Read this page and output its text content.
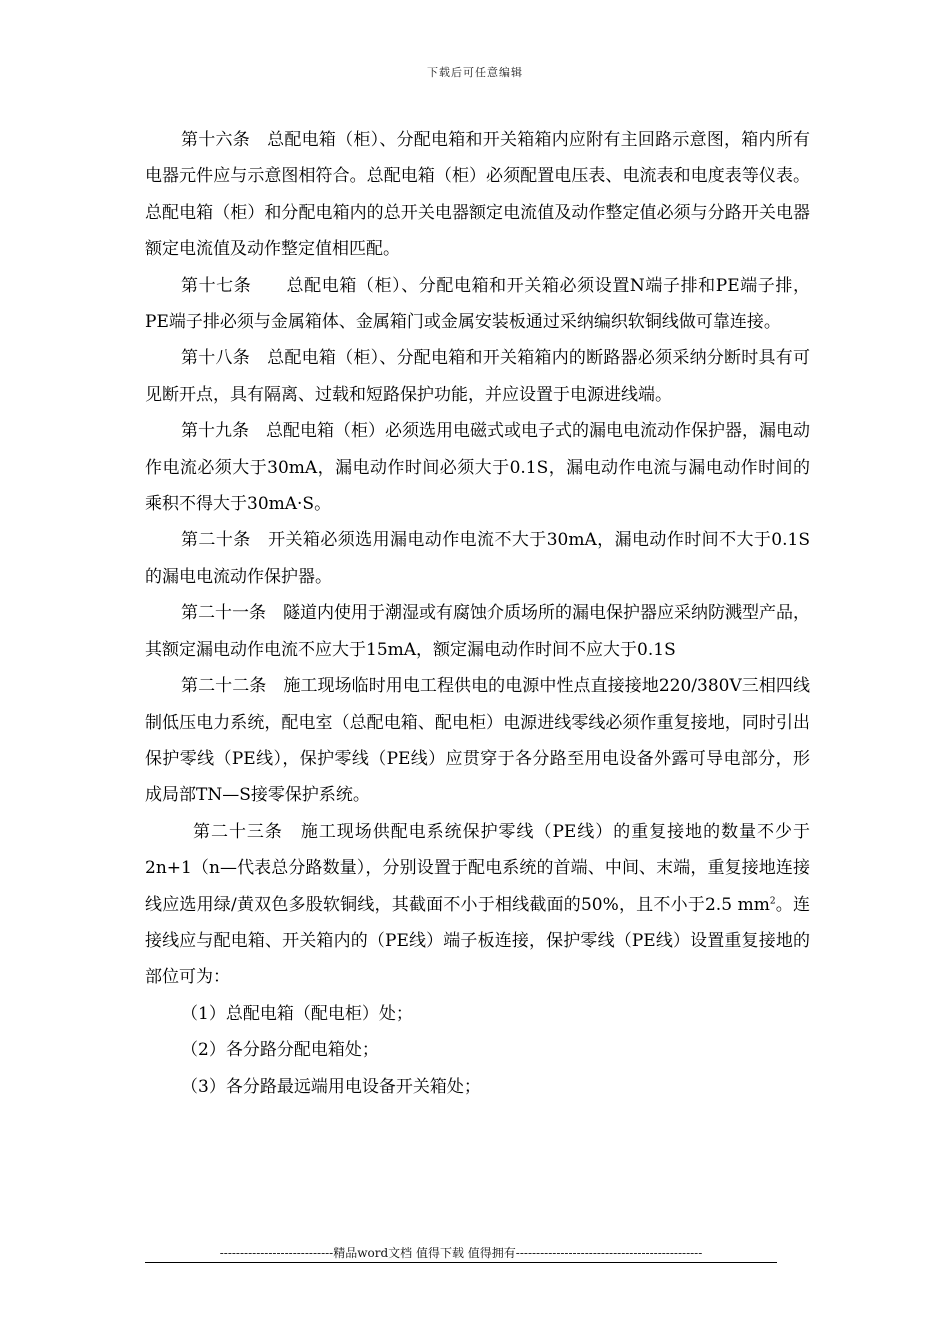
下载后可任意编辑

第十六条　总配电箱（柜）、分配电箱和开关箱箱内应附有主回路示意图，箱内所有电器元件应与示意图相符合。总配电箱（柜）必须配置电压表、电流表和电度表等仪表。总配电箱（柜）和分配电箱内的总开关电器额定电流值及动作整定值必须与分路开关电器额定电流值及动作整定值相匹配。

第十七条　　总配电箱（柜）、分配电箱和开关箱必须设置N端子排和PE端子排，PE端子排必须与金属箱体、金属箱门或金属安装板通过采纳编织软铜线做可靠连接。

第十八条　总配电箱（柜）、分配电箱和开关箱箱内的断路器必须采纳分断时具有可见断开点，具有隔离、过载和短路保护功能，并应设置于电源进线端。

第十九条　总配电箱（柜）必须选用电磁式或电子式的漏电电流动作保护器，漏电动作电流必须大于30mA，漏电动作时间必须大于0.1S，漏电动作电流与漏电动作时间的乘积不得大于30mA·S。

第二十条　开关箱必须选用漏电动作电流不大于30mA，漏电动作时间不大于0.1S的漏电电流动作保护器。

第二十一条　隧道内使用于潮湿或有腐蚀介质场所的漏电保护器应采纳防溅型产品，其额定漏电动作电流不应大于15mA，额定漏电动作时间不应大于0.1S

第二十二条　施工现场临时用电工程供电的电源中性点直接接地220/380V三相四线制低压电力系统，配电室（总配电箱、配电柜）电源进线零线必须作重复接地，同时引出保护零线（PE线），保护零线（PE线）应贯穿于各分路至用电设备外露可导电部分，形成局部TN—S接零保护系统。

第二十三条　施工现场供配电系统保护零线（PE线）的重复接地的数量不少于2n+1（n—代表总分路数量），分别设置于配电系统的首端、中间、末端，重复接地连接线应选用绿/黄双色多股软铜线，其截面不小于相线截面的50%，且不小于2.5 $mm^2$。连接线应与配电箱、开关箱内的（PE线）端子板连接，保护零线（PE线）设置重复接地的部位可为：

（1）总配电箱（配电柜）处；

（2）各分路分配电箱处；

（3）各分路最远端用电设备开关箱处；

----------------------------精品word文档 值得下载 值得拥有----------------------------------------------
